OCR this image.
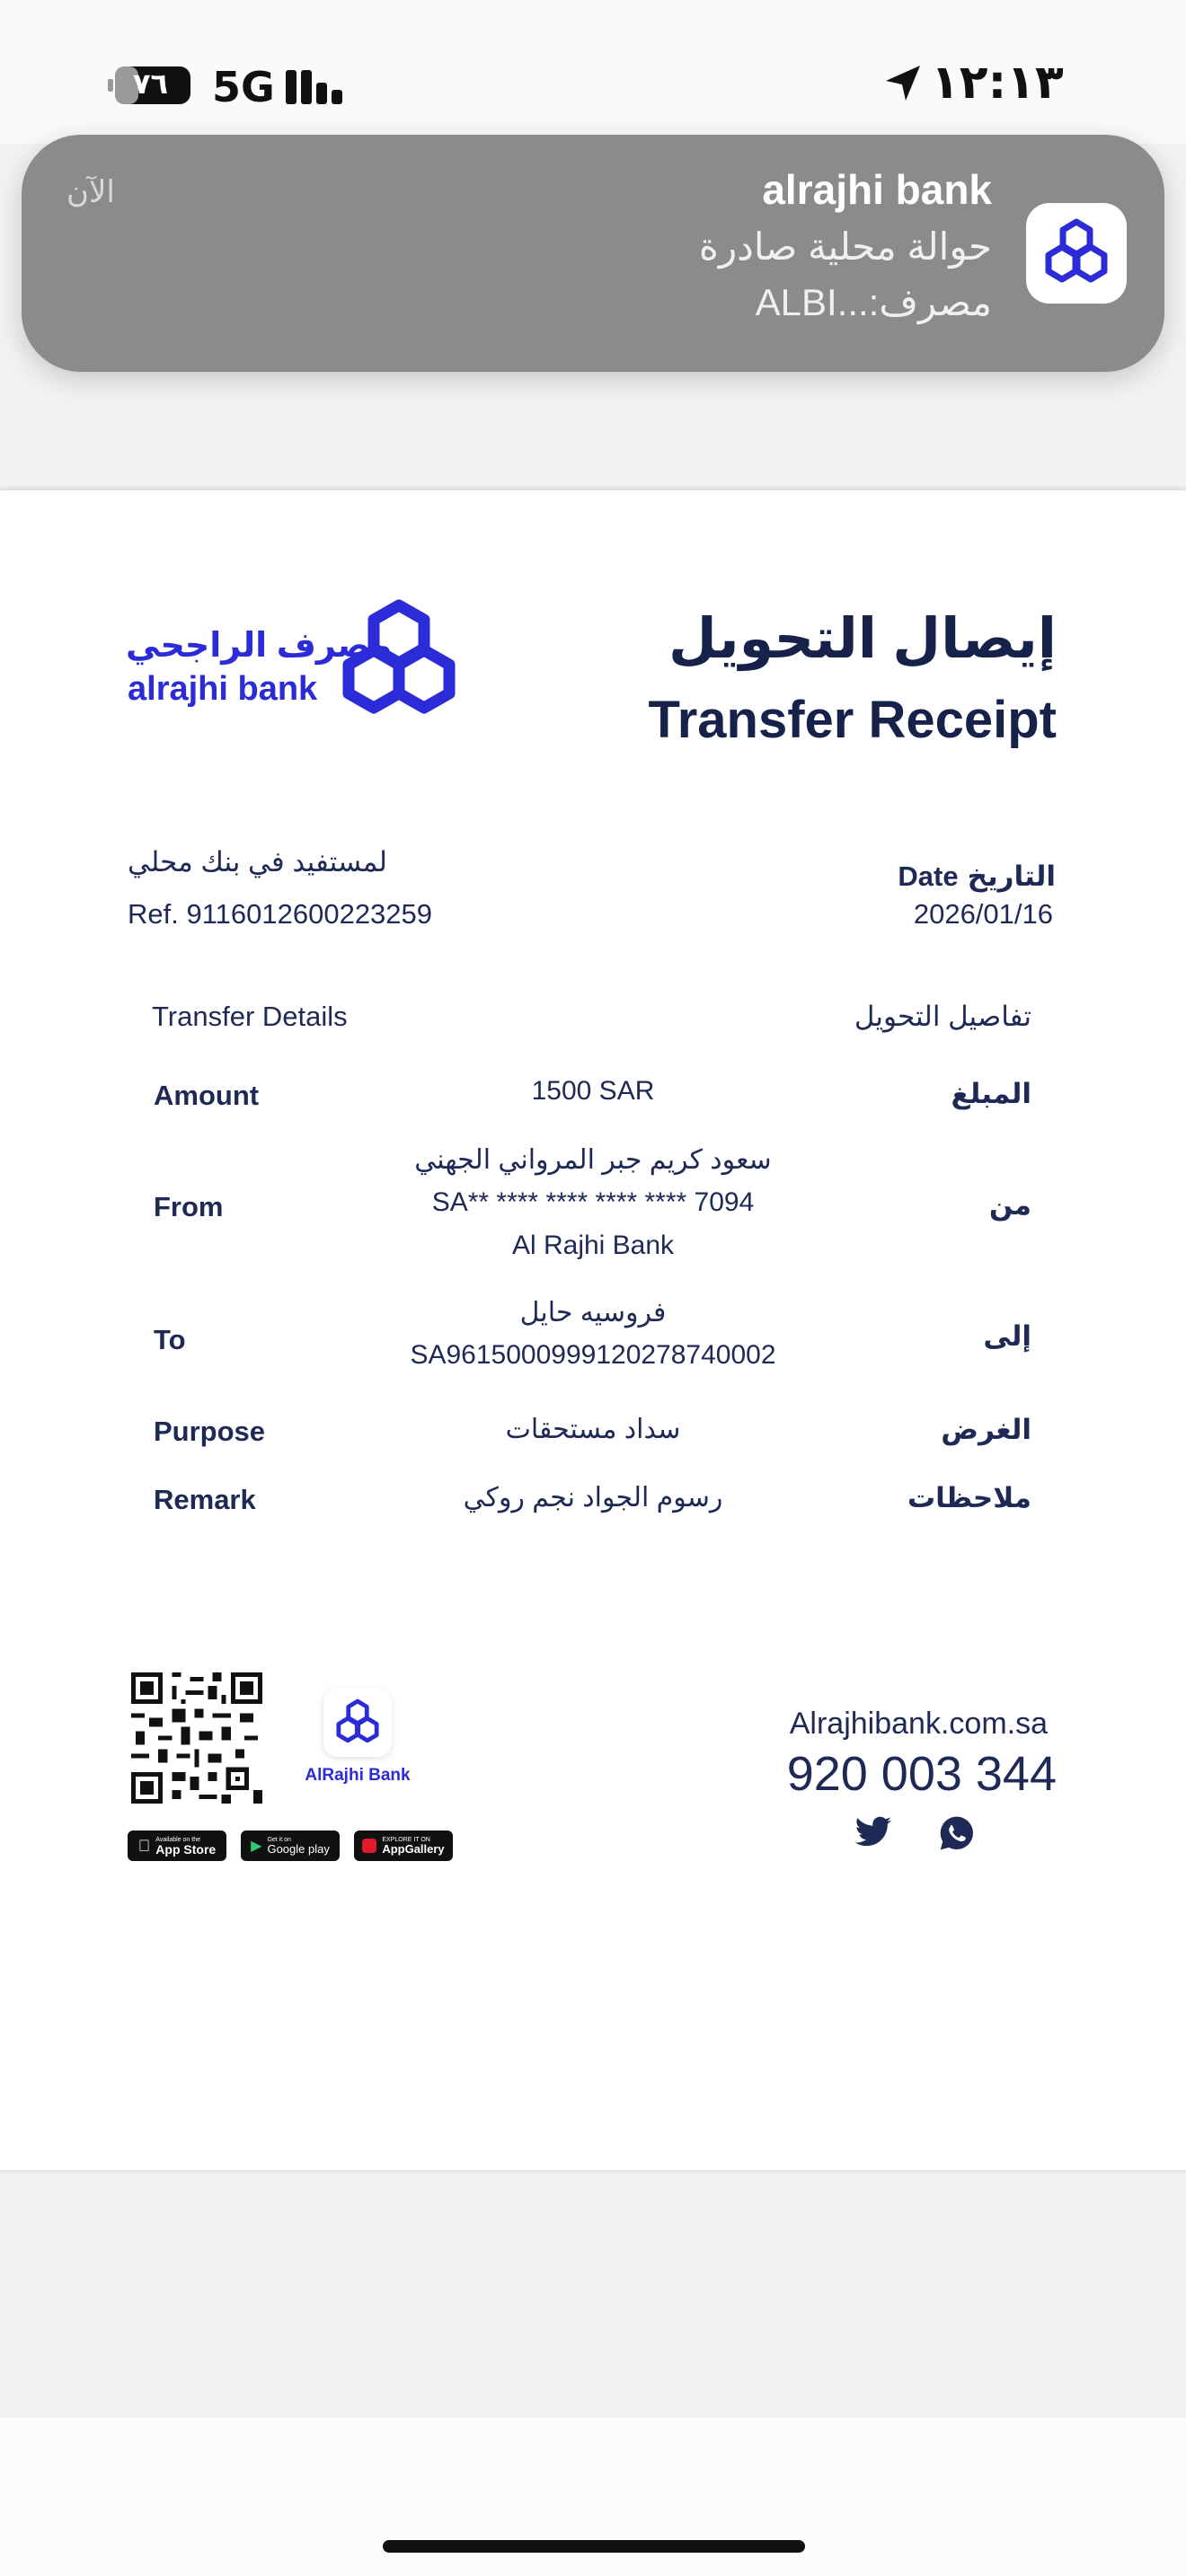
٧٦ 5G	١٢:١٣
الآن	alrajhi bank
حوالة محلية صادرة
ALBI...:مصرف
إيصال التحويل
Transfer Receipt
مصرف الراجحي
alrajhi bank
لمستفيد في بنك محلي
Ref. 9116012600223259
Date التاريخ
2026/01/16
Transfer Details	تفاصيل التحويل
Amount	1500 SAR	المبلغ
From
سعود كريم جبر المرواني الجهني
SA** **** **** **** **** 7094
Al Rajhi Bank
من
To
فروسيه حايل
SA9615000999120278740002
إلى
Purpose	سداد مستحقات	الغرض
Remark	رسوم الجواد نجم روكي	ملاحظات
AlRajhi Bank
Available on the
App Store	▶ Get it on
Google play
EXPLORE IT ON
AppGallery
Alrajhibank.com.sa
920 003 344
